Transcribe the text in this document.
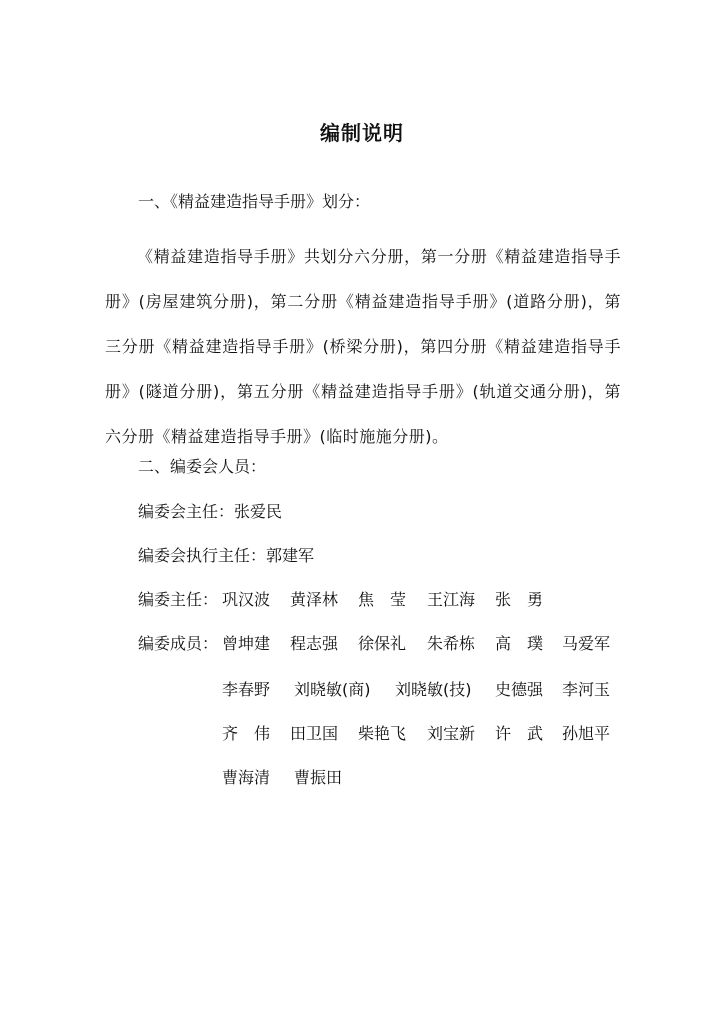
编制说明
一、《精益建造指导手册》划分：
《精益建造指导手册》共划分六分册，第一分册《精益建造指导手册》(房屋建筑分册)，第二分册《精益建造指导手册》(道路分册)，第三分册《精益建造指导手册》(桥梁分册)，第四分册《精益建造指导手册》(隧道分册)，第五分册《精益建造指导手册》(轨道交通分册)，第六分册《精益建造指导手册》(临时施施分册)。
二、编委会人员：
编委会主任：张爱民
编委会执行主任：郭建军
编委主任： 巩汉波 黄泽林 焦　莹 王江海 张　勇
编委成员： 曾坤建 程志强 徐保礼 朱希栋 高　璞 马爱军
李春野 刘晓敏(商) 刘晓敏(技) 史德强 李河玉
齐　伟 田卫国 柴艳飞 刘宝新 许　武 孙旭平
曹海清 曹振田
